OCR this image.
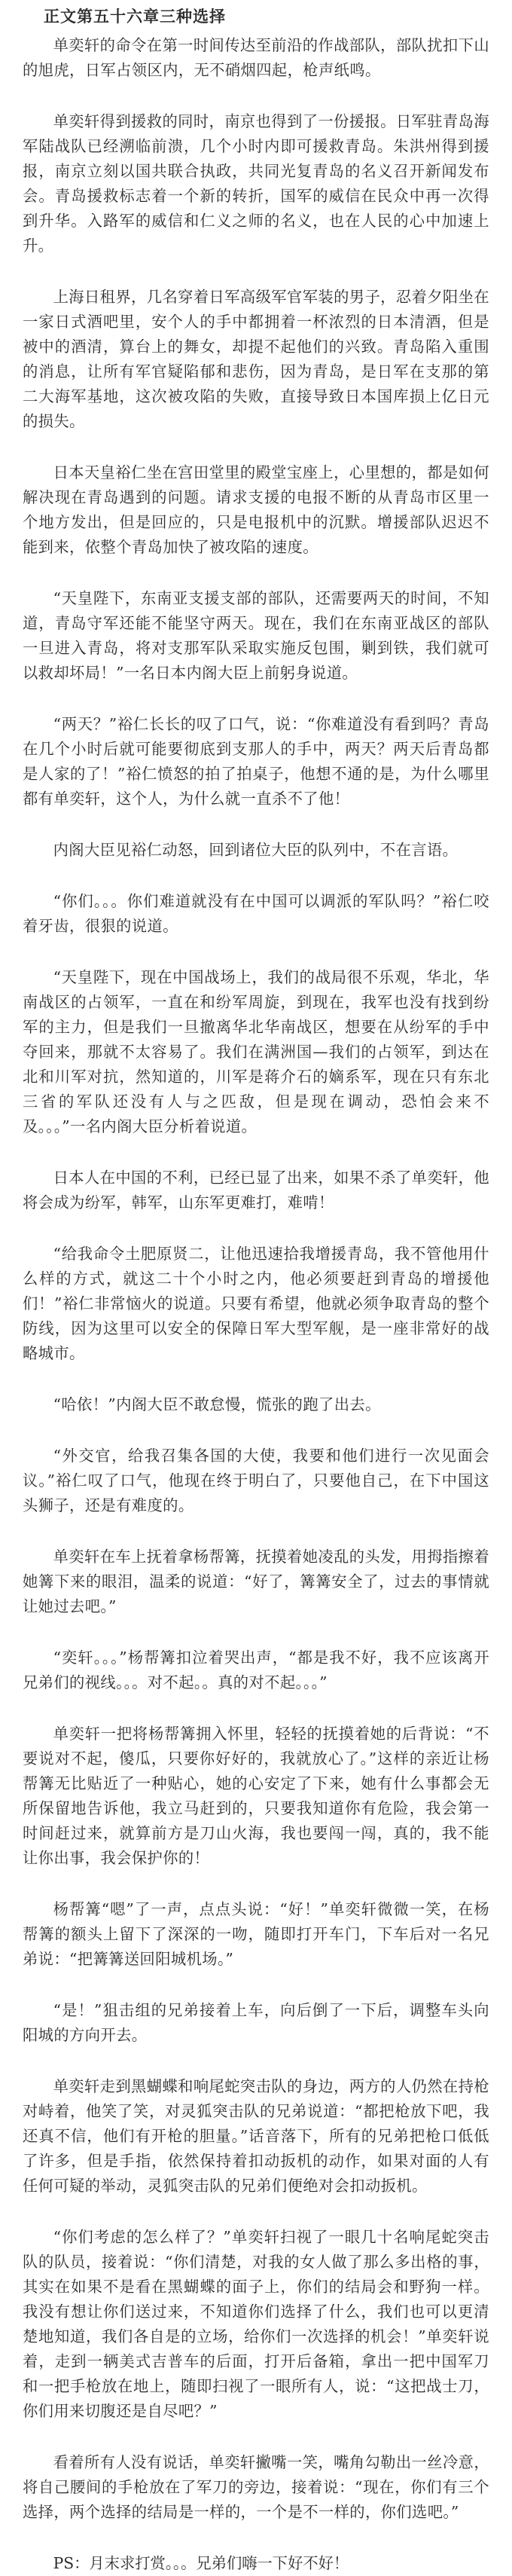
正文第五十六章三种选择

单奕轩的命令在第一时间传达至前沿的作战部队，部队扰扣下山的旭虎，日军占领区内，无不硝烟四起，枪声纸鸣。

单奕轩得到援救的同时，南京也得到了一份援报。日军驻青岛海军陆战队已经溯临前溃，几个小时内即可援救青岛。朱洪州得到援报，南京立刻以国共联合执政，共同光复青岛的名义召开新闻发布会。青岛援救标志着一个新的转折，国军的威信在民众中再一次得到升华。入路军的威信和仁义之师的名义，也在人民的心中加速上升。

上海日租界，几名穿着日军高级军官军装的男子，忍着夕阳坐在一家日式酒吧里，安个人的手中都拥着一杯浓烈的日本清酒，但是被中的酒清，算台上的舞女，却提不起他们的兴致。青岛陷入重围的消息，让所有军官疑陷郁和悲伤，因为青岛，是日军在支那的第二大海军基地，这次被攻陷的失败，直接导致日本国库损上亿日元的损失。

日本天皇裕仁坐在宫田堂里的殿堂宝座上，心里想的，都是如何解决现在青岛遇到的问题。请求支援的电报不断的从青岛市区里一个地方发出，但是回应的，只是电报机中的沉默。增援部队迟迟不能到来，依整个青岛加快了被攻陷的速度。

“天皇陛下，东南亚支援支部的部队，还需要两天的时间，不知道，青岛守军还能不能坚守两天。现在，我们在东南亚战区的部队一旦进入青岛，将对支那军队采取实施反包围，剿到铁，我们就可以救却坏局！”一名日本内阁大臣上前躬身说道。

“两天？”裕仁长长的叹了口气，说：“你难道没有看到吗？青岛在几个小时后就可能要彻底到支那人的手中，两天？两天后青岛都是人家的了！”裕仁愤怒的拍了拍桌子，他想不通的是，为什么哪里都有单奕轩，这个人，为什么就一直杀不了他！

内阁大臣见裕仁动怒，回到诸位大臣的队列中，不在言语。

“你们。。。你们难道就没有在中国可以调派的军队吗？”裕仁咬着牙齿，很狠的说道。

“天皇陛下，现在中国战场上，我们的战局很不乐观，华北，华南战区的占领军，一直在和纷军周旋，到现在，我军也没有找到纷军的主力，但是我们一旦撤离华北华南战区，想要在从纷军的手中夺回来，那就不太容易了。我们在满洲国—我们的占领军，到达在北和川军对抗，然知道的，川军是蒋介石的嫡系军，现在只有东北三省的军队还没有人与之匹敌，但是现在调动，恐怕会来不及。。。”一名内阁大臣分析着说道。

日本人在中国的不利，已经已显了出来，如果不杀了单奕轩，他将会成为纷军，韩军，山东军更难打，难啃！

“给我命令土肥原贤二，让他迅速拾我增援青岛，我不管他用什么样的方式，就这二十个小时之内，他必须要赶到青岛的增援他们！”裕仁非常恼火的说道。只要有希望，他就必须争取青岛的整个防线，因为这里可以安全的保障日军大型军舰，是一座非常好的战略城市。

“哈依！”内阁大臣不敢怠慢，慌张的跑了出去。

“外交官，给我召集各国的大使，我要和他们进行一次见面会议。”裕仁叹了口气，他现在终于明白了，只要他自己，在下中国这头狮子，还是有难度的。

单奕轩在车上抚着拿杨帮篝，抚摸着她凌乱的头发，用拇指擦着她篝下来的眼泪，温柔的说道：“好了，篝篝安全了，过去的事情就让她过去吧。”

“奕轩。。。”杨帮篝扣泣着哭出声，“都是我不好，我不应该离开兄弟们的视线。。。对不起。。真的对不起。。。”

单奕轩一把将杨帮篝拥入怀里，轻轻的抚摸着她的后背说：“不要说对不起，傻瓜，只要你好好的，我就放心了。”这样的亲近让杨帮篝无比贴近了一种贴心，她的心安定了下来，她有什么事都会无所保留地告诉他，我立马赶到的，只要我知道你有危险，我会第一时间赶过来，就算前方是刀山火海，我也要闯一闯，真的，我不能让你出事，我会保护你的！

杨帮篝“嗯”了一声，点点头说：“好！”单奕轩微微一笑，在杨帮篝的额头上留下了深深的一吻，随即打开车门，下车后对一名兄弟说：“把篝篝送回阳城机场。”

“是！”狙击组的兄弟接着上车，向后倒了一下后，调整车头向阳城的方向开去。

单奕轩走到黑蝴蝶和响尾蛇突击队的身边，两方的人仍然在持枪对峙着，他笑了笑，对灵狐突击队的兄弟说道：“都把枪放下吧，我还真不信，他们有开枪的胆量。”话音落下，所有的兄弟把枪口低低了许多，但是手指，依然保持着扣动扳机的动作，如果对面的人有任何可疑的举动，灵狐突击队的兄弟们便绝对会扣动扳机。

“你们考虑的怎么样了？”单奕轩扫视了一眼几十名响尾蛇突击队的队员，接着说：“你们清楚，对我的女人做了那么多出格的事，其实在如果不是看在黑蝴蝶的面子上，你们的结局会和野狗一样。我没有想让你们送过来，不知道你们选择了什么，我们也可以更清楚地知道，我们各自是的立场，给你们一次选择的机会！”单奕轩说着，走到一辆美式吉普车的后面，打开后备箱，拿出一把中国军刀和一把手枪放在地上，随即扫视了一眼所有人，说：“这把战士刀，你们用来切腹还是自尽吧？”

看着所有人没有说话，单奕轩撇嘴一笑，嘴角勾勒出一丝冷意，将自己腰间的手枪放在了军刀的旁边，接着说：“现在，你们有三个选择，两个选择的结局是一样的，一个是不一样的，你们选吧。”

PS：月末求打赏。。。兄弟们嗨一下好不好！
